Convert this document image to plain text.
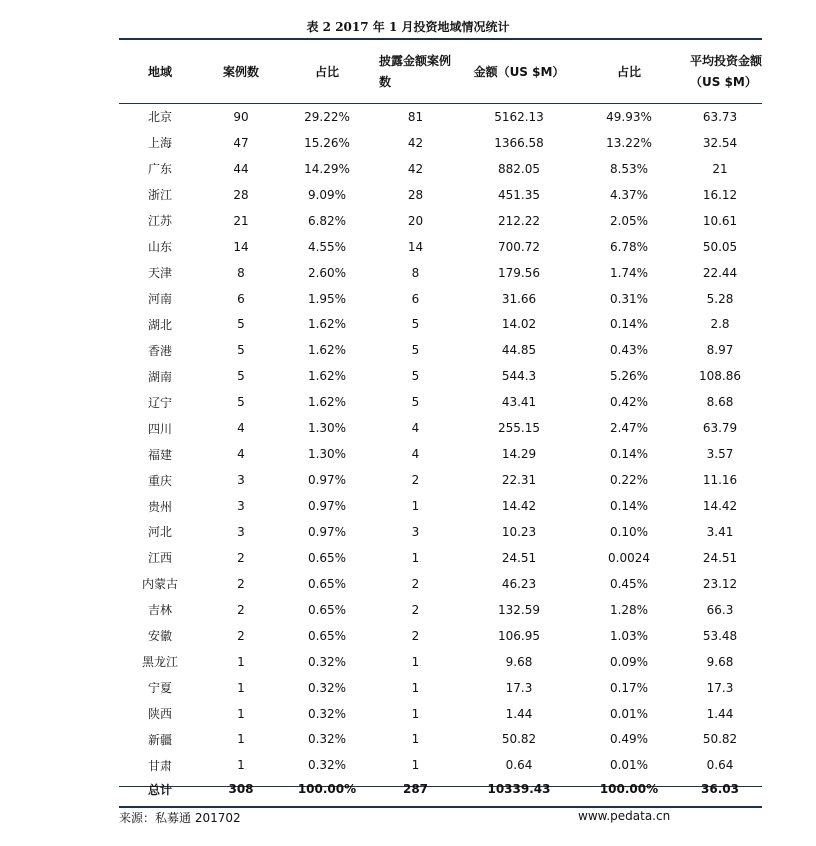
表 2 2017 年 1 月投资地域情况统计
地域	案例数	占比	披露金额案例数	金额（US $M）	占比	平均投资金额（US $M）
北京	90	29.22%	81	5162.13	49.93%	63.73
上海	47	15.26%	42	1366.58	13.22%	32.54
广东	44	14.29%	42	882.05	8.53%	21
浙江	28	9.09%	28	451.35	4.37%	16.12
江苏	21	6.82%	20	212.22	2.05%	10.61
山东	14	4.55%	14	700.72	6.78%	50.05
天津	8	2.60%	8	179.56	1.74%	22.44
河南	6	1.95%	6	31.66	0.31%	5.28
湖北	5	1.62%	5	14.02	0.14%	2.8
香港	5	1.62%	5	44.85	0.43%	8.97
湖南	5	1.62%	5	544.3	5.26%	108.86
辽宁	5	1.62%	5	43.41	0.42%	8.68
四川	4	1.30%	4	255.15	2.47%	63.79
福建	4	1.30%	4	14.29	0.14%	3.57
重庆	3	0.97%	2	22.31	0.22%	11.16
贵州	3	0.97%	1	14.42	0.14%	14.42
河北	3	0.97%	3	10.23	0.10%	3.41
江西	2	0.65%	1	24.51	0.0024	24.51
内蒙古	2	0.65%	2	46.23	0.45%	23.12
吉林	2	0.65%	2	132.59	1.28%	66.3
安徽	2	0.65%	2	106.95	1.03%	53.48
黑龙江	1	0.32%	1	9.68	0.09%	9.68
宁夏	1	0.32%	1	17.3	0.17%	17.3
陕西	1	0.32%	1	1.44	0.01%	1.44
新疆	1	0.32%	1	50.82	0.49%	50.82
甘肃	1	0.32%	1	0.64	0.01%	0.64
总计	308	100.00%	287	10339.43	100.00%	36.03
来源：私募通 201702	www.pedata.cn
